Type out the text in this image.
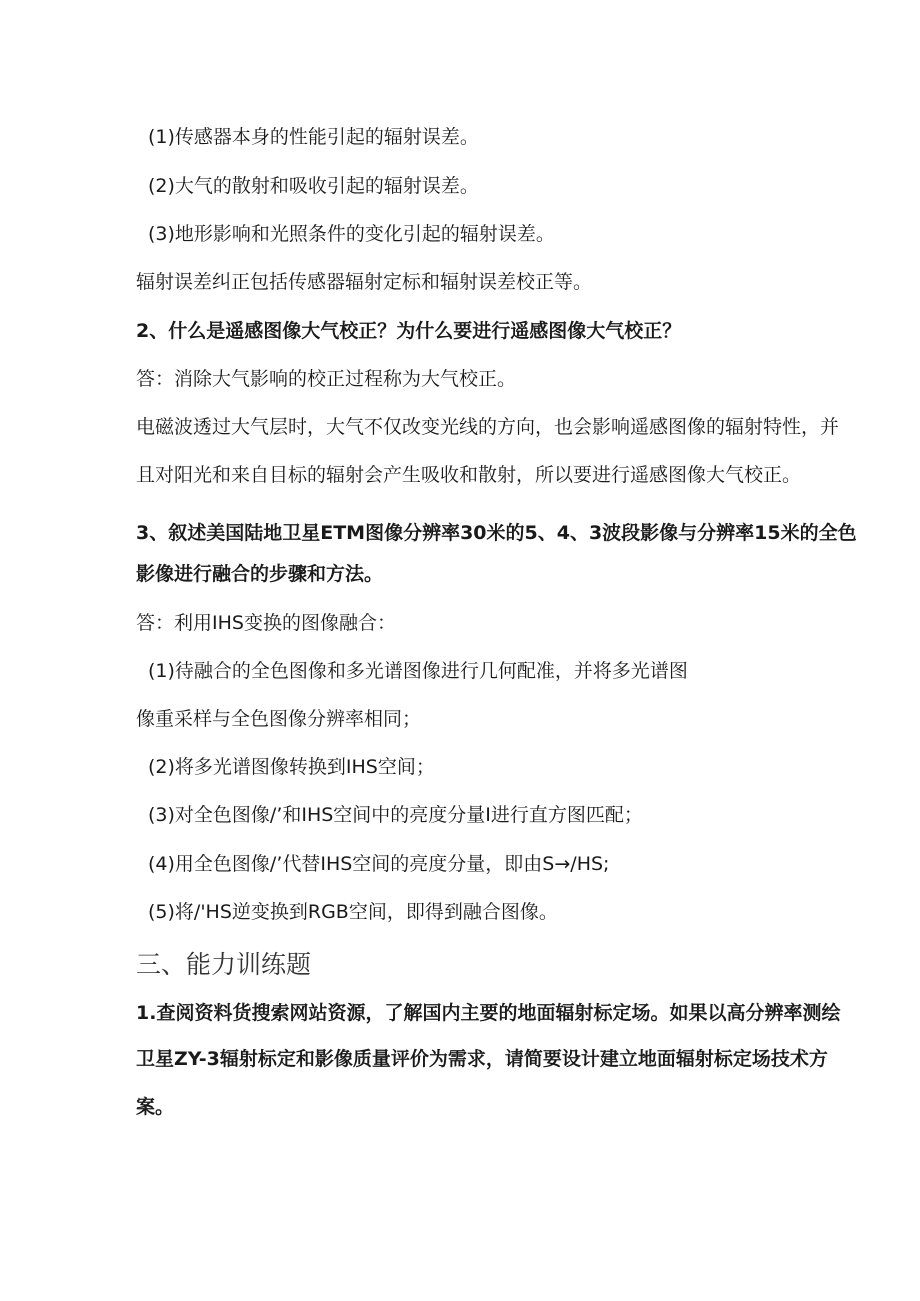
(1)传感器本身的性能引起的辐射误差。
(2)大气的散射和吸收引起的辐射误差。
(3)地形影响和光照条件的变化引起的辐射误差。
辐射误差纠正包括传感器辐射定标和辐射误差校正等。
2、什么是遥感图像大气校正？为什么要进行遥感图像大气校正？
答：消除大气影响的校正过程称为大气校正。
电磁波透过大气层时，大气不仅改变光线的方向，也会影响遥感图像的辐射特性，并
且对阳光和来自目标的辐射会产生吸收和散射，所以要进行遥感图像大气校正。
3、叙述美国陆地卫星ETM图像分辨率30米的5、4、3波段影像与分辨率15米的全色
影像进行融合的步骤和方法。
答：利用IHS变换的图像融合：
(1)待融合的全色图像和多光谱图像进行几何配准，并将多光谱图
像重采样与全色图像分辨率相同；
(2)将多光谱图像转换到IHS空间；
(3)对全色图像/’和IHS空间中的亮度分量I进行直方图匹配；
(4)用全色图像/’代替IHS空间的亮度分量，即由S→/HS;
(5)将/'HS逆变换到RGB空间，即得到融合图像。
三、能力训练题
1.查阅资料货搜索网站资源，了解国内主要的地面辐射标定场。如果以高分辨率测绘
卫星ZY-3辐射标定和影像质量评价为需求，请简要设计建立地面辐射标定场技术方
案。
